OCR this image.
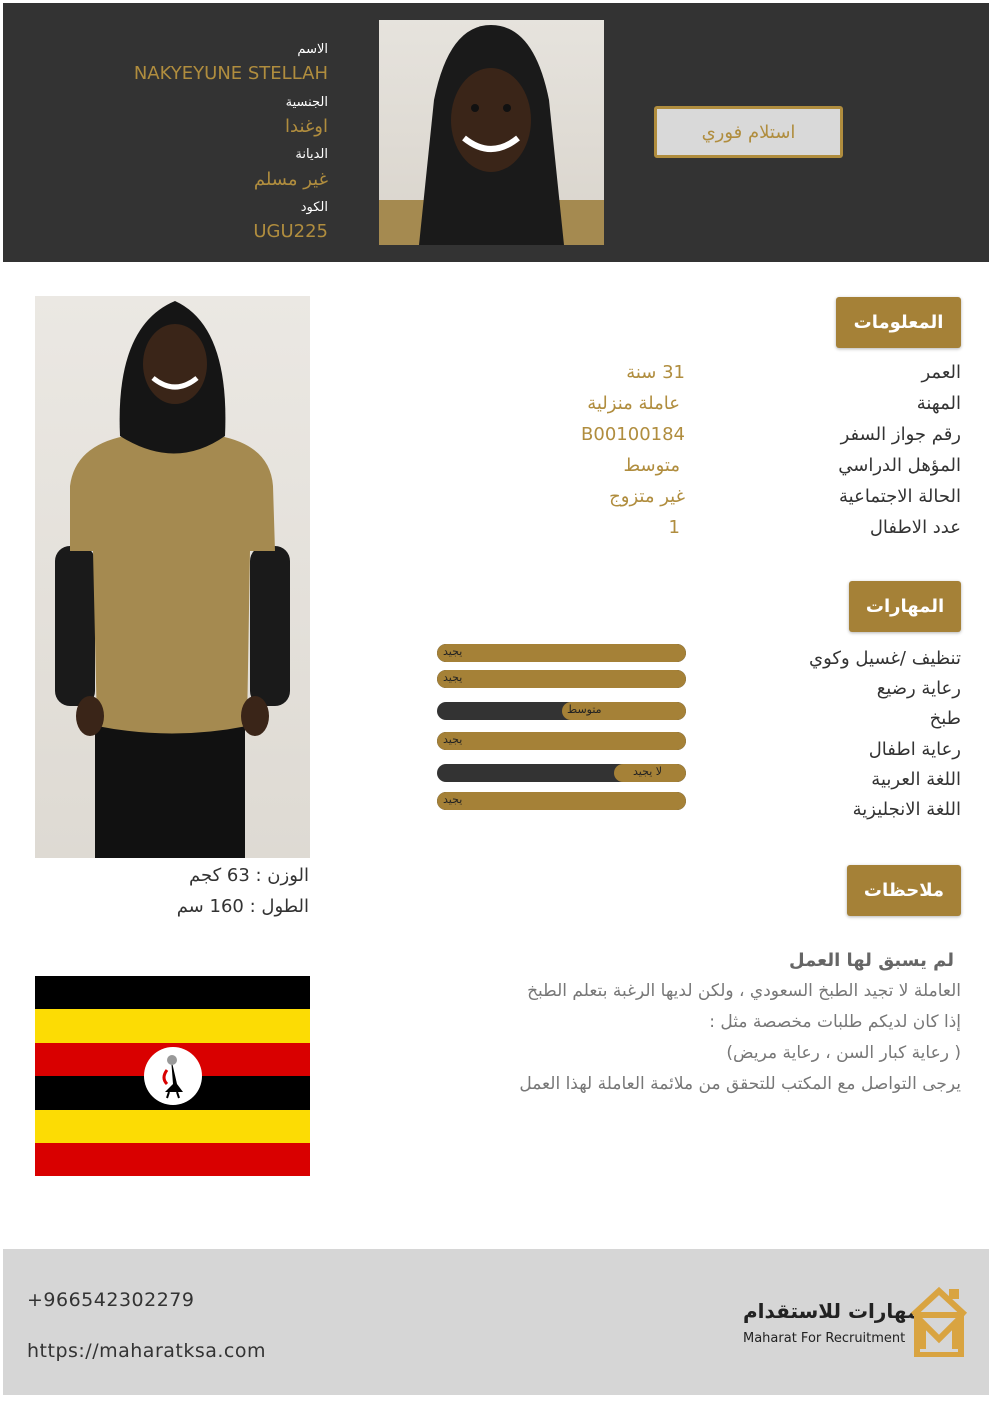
الاسم
NAKYEYUNE STELLAH
الجنسية
اوغندا
الديانة
غير مسلم
الكود
UGU225
استلام فوري
الوزن : 63 كجم
الطول : 160 سم
المعلومات
العمر
31 سنة
المهنة
عاملة منزلية
رقم جواز السفر
B00100184
المؤهل الدراسي
متوسط
الحالة الاجتماعية
غير متزوج
عدد الاطفال
1
المهارات
تنظيف /غسيل وكوي
رعاية رضيع
طبخ
رعاية اطفال
اللغة العربية
اللغة الانجليزية
يجيد
يجيد
متوسط
يجيد
لا يجيد
يجيد
ملاحظات
لم يسبق لها العمل
العاملة لا تجيد الطبخ السعودي ، ولكن لديها الرغبة بتعلم الطبخ
إذا كان لديكم طلبات مخصصة مثل :
( رعاية كبار السن ، رعاية مريض)
يرجى التواصل مع المكتب للتحقق من ملائمة العاملة لهذا العمل
+966542302279
https://maharatksa.com
مهارات للاستقدام
Maharat For Recruitment
